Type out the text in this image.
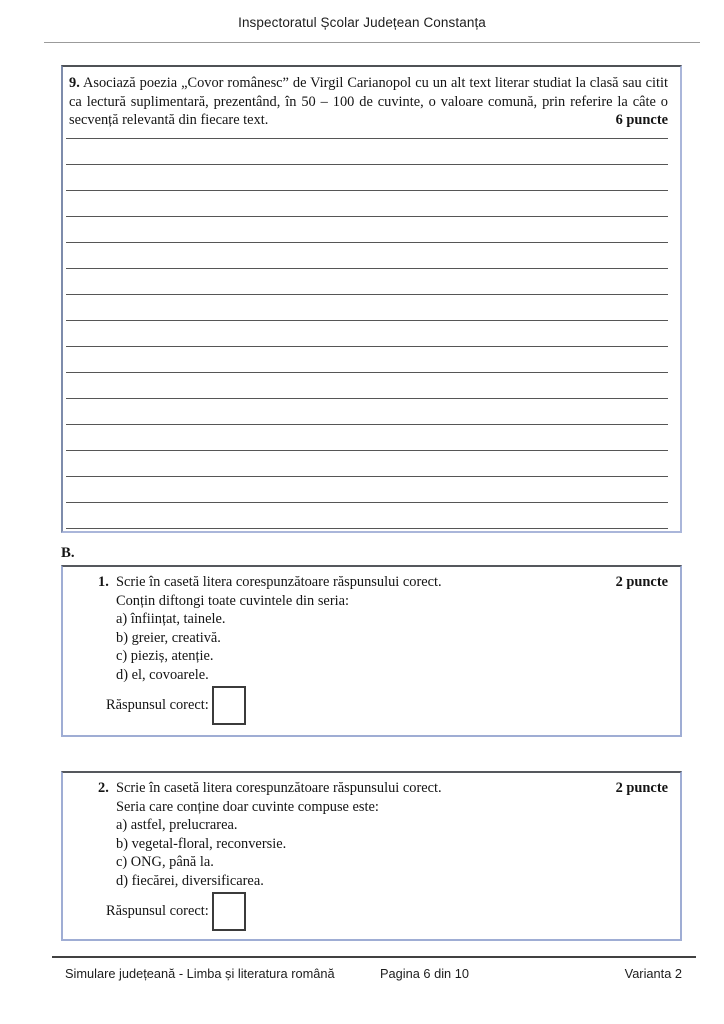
Inspectoratul Școlar Județean Constanța
9. Asociază poezia „Covor românesc” de Virgil Carianopol cu un alt text literar studiat la clasă sau citit ca lectură suplimentară, prezentând, în 50 – 100 de cuvinte, o valoare comună, prin referire la câte o secvență relevantă din fiecare text.	6 puncte
B.
1. Scrie în casetă litera corespunzătoare răspunsului corect.	2 puncte
Conțin diftongi toate cuvintele din seria:
a) înființat, tainele.
b) greier, creativă.
c) pieziș, atenție.
d) el, covoarele.
Răspunsul corect:
2. Scrie în casetă litera corespunzătoare răspunsului corect.	2 puncte
Seria care conține doar cuvinte compuse este:
a) astfel, prelucrarea.
b) vegetal-floral, reconversie.
c) ONG, până la.
d) fiecărei, diversificarea.
Răspunsul corect:
Simulare județeană - Limba și literatura română	Pagina 6 din 10	Varianta 2
